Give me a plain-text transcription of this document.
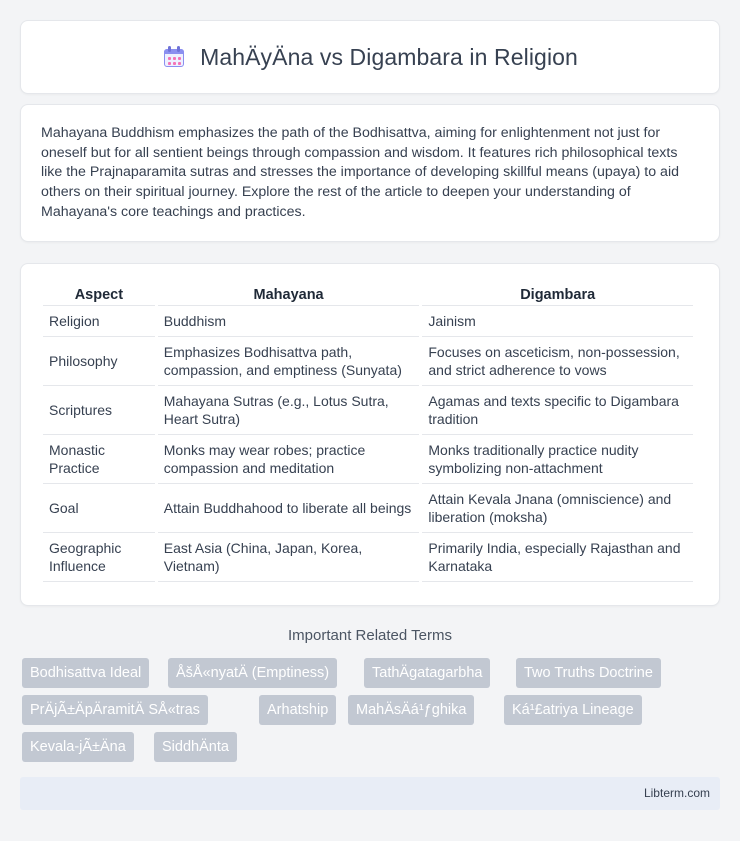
MahÄyÄna vs Digambara in Religion

Mahayana Buddhism emphasizes the path of the Bodhisattva, aiming for enlightenment not just for oneself but for all sentient beings through compassion and wisdom. It features rich philosophical texts like the Prajnaparamita sutras and stresses the importance of developing skillful means (upaya) to aid others on their spiritual journey. Explore the rest of the article to deepen your understanding of Mahayana's core teachings and practices.

Aspect	Mahayana	Digambara
Religion	Buddhism	Jainism
Philosophy	Emphasizes Bodhisattva path, compassion, and emptiness (Sunyata)	Focuses on asceticism, non-possession, and strict adherence to vows
Scriptures	Mahayana Sutras (e.g., Lotus Sutra, Heart Sutra)	Agamas and texts specific to Digambara tradition
Monastic Practice	Monks may wear robes; practice compassion and meditation	Monks traditionally practice nudity symbolizing non-attachment
Goal	Attain Buddhahood to liberate all beings	Attain Kevala Jnana (omniscience) and liberation (moksha)
Geographic Influence	East Asia (China, Japan, Korea, Vietnam)	Primarily India, especially Rajasthan and Karnataka
Important Related Terms
Bodhisattva Ideal	ÅšÅ«nyatÄ (Emptiness)	TathÄgatagarbha	Two Truths Doctrine
PrÄjÃ±ÄpÄramitÄ SÅ«tras	Arhatship	MahÄsÄá¹ƒghika	Ká¹£atriya Lineage
Kevala-jÃ±Äna	SiddhÄnta
Libterm.com
